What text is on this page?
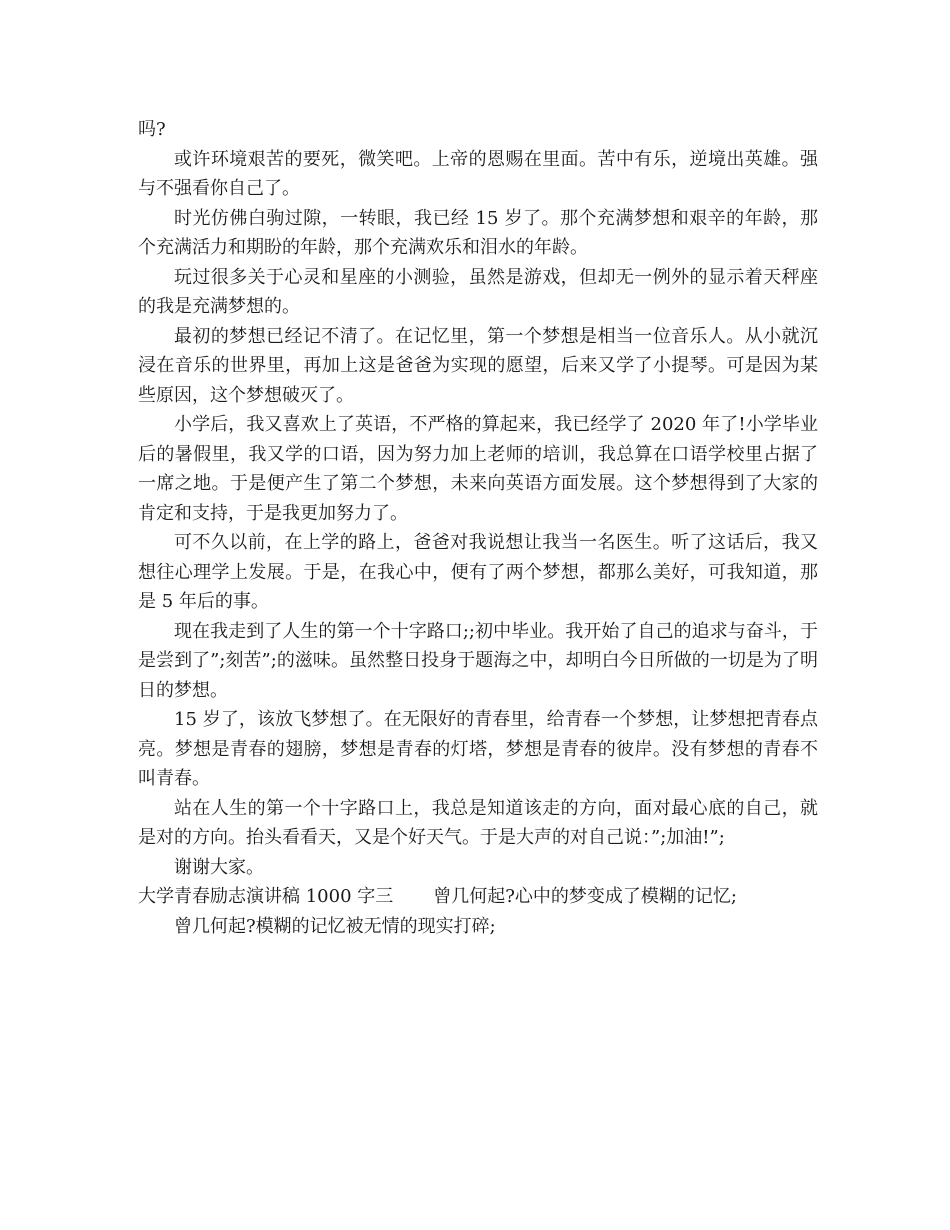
吗?

或许环境艰苦的要死，微笑吧。上帝的恩赐在里面。苦中有乐，逆境出英雄。强与不强看你自己了。

时光仿佛白驹过隙，一转眼，我已经 15 岁了。那个充满梦想和艰辛的年龄，那个充满活力和期盼的年龄，那个充满欢乐和泪水的年龄。

玩过很多关于心灵和星座的小测验，虽然是游戏，但却无一例外的显示着天秤座的我是充满梦想的。

最初的梦想已经记不清了。在记忆里，第一个梦想是相当一位音乐人。从小就沉浸在音乐的世界里，再加上这是爸爸为实现的愿望，后来又学了小提琴。可是因为某些原因，这个梦想破灭了。

小学后，我又喜欢上了英语，不严格的算起来，我已经学了 2020 年了!小学毕业后的暑假里，我又学的口语，因为努力加上老师的培训，我总算在口语学校里占据了一席之地。于是便产生了第二个梦想，未来向英语方面发展。这个梦想得到了大家的肯定和支持，于是我更加努力了。

可不久以前，在上学的路上，爸爸对我说想让我当一名医生。听了这话后，我又想往心理学上发展。于是，在我心中，便有了两个梦想，都那么美好，可我知道，那是 5 年后的事。

现在我走到了人生的第一个十字路口;;初中毕业。我开始了自己的追求与奋斗，于是尝到了”;刻苦”;的滋味。虽然整日投身于题海之中，却明白今日所做的一切是为了明日的梦想。

15 岁了，该放飞梦想了。在无限好的青春里，给青春一个梦想，让梦想把青春点亮。梦想是青春的翅膀，梦想是青春的灯塔，梦想是青春的彼岸。没有梦想的青春不叫青春。

站在人生的第一个十字路口上，我总是知道该走的方向，面对最心底的自己，就是对的方向。抬头看看天，又是个好天气。于是大声的对自己说：”;加油!”;

谢谢大家。

大学青春励志演讲稿 1000 字三 曾几何起?心中的梦变成了模糊的记忆;

曾几何起?模糊的记忆被无情的现实打碎;
